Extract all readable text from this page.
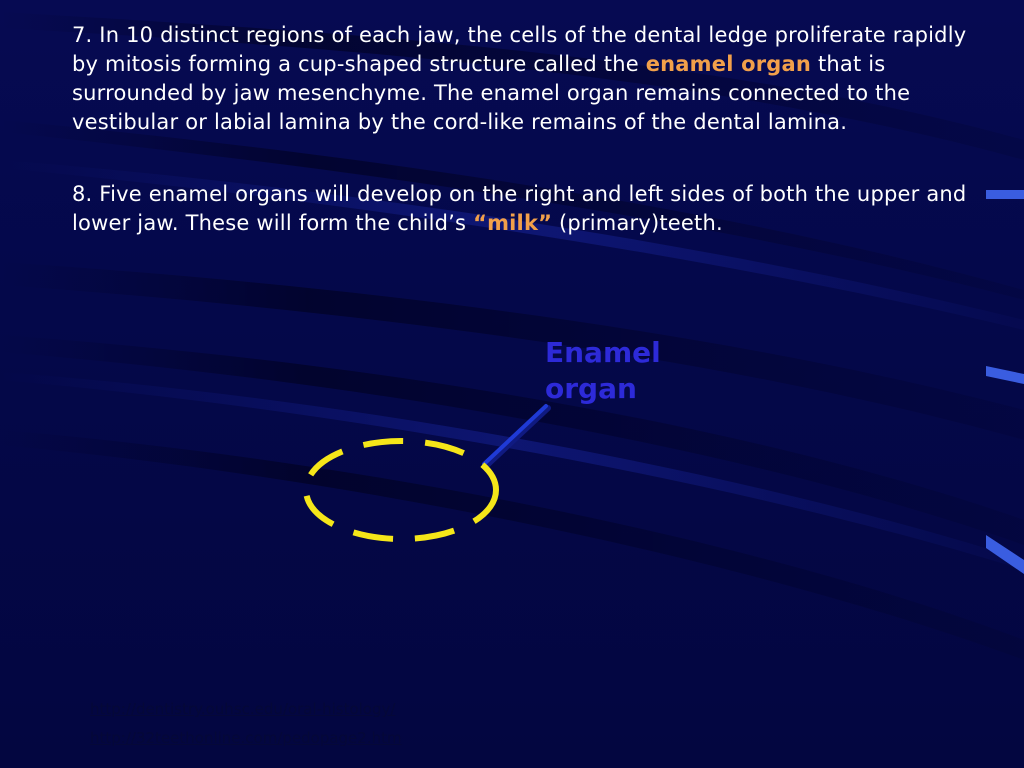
7. In 10 distinct regions of each jaw, the cells of the dental ledge proliferate rapidly by mitosis forming a cup-shaped structure called the enamel organ that is surrounded by jaw mesenchyme. The enamel organ remains connected to the vestibular or labial lamina by the cord-like remains of the dental lamina.
8. Five enamel organs will develop on the right and left sides of both the upper and lower jaw. These will form the child’s “milk” (primary)teeth.
Enamel
organ
http://dentistry.ouhsc.edu/oral-histology/
http://32teethonline.com/pedopage2.htm
